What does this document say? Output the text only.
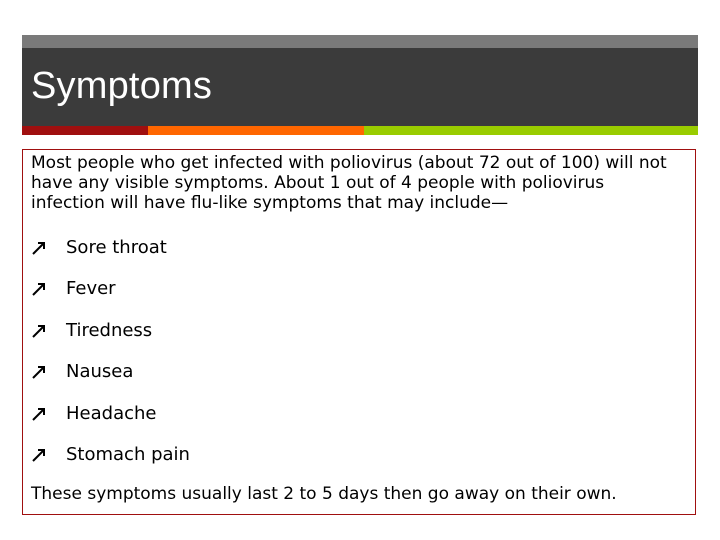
Symptoms

Most people who get infected with poliovirus (about 72 out of 100) will not have any visible symptoms. About 1 out of 4 people with poliovirus infection will have flu-like symptoms that may include—

Sore throat
Fever
Tiredness
Nausea
Headache
Stomach pain

These symptoms usually last 2 to 5 days then go away on their own.
